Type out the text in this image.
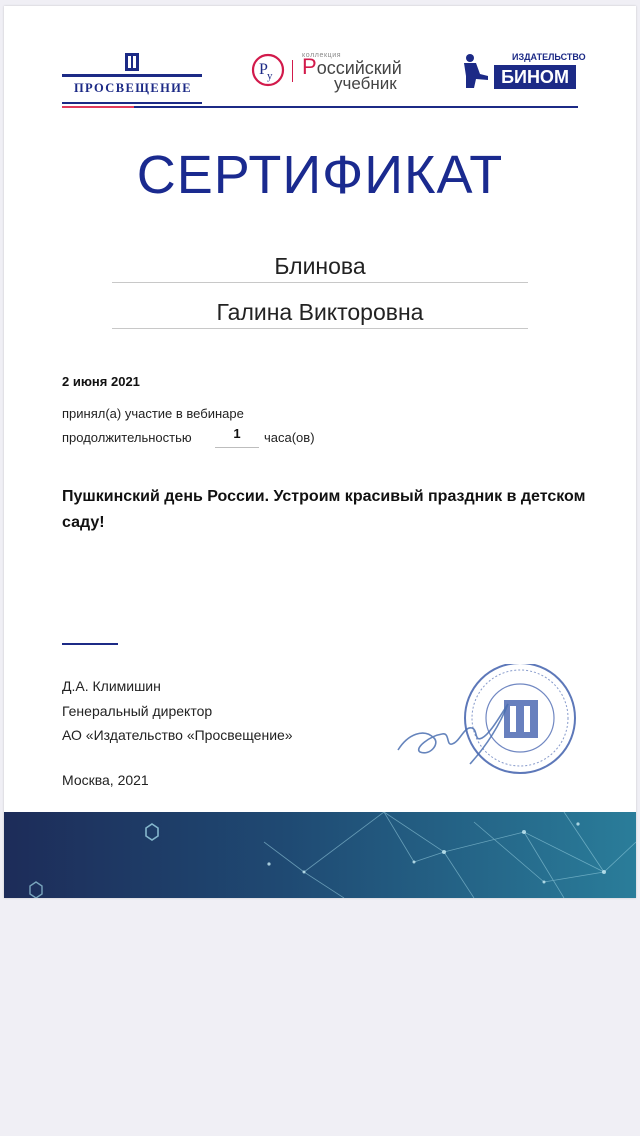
ПРОСВЕЩЕНИЕ
Р у
коллекция
Российский
учебник
ИЗДАТЕЛЬСТВО
БИНОМ
СЕРТИФИКАТ
Блинова
Галина Викторовна
2 июня 2021
принял(а) участие в вебинаре
продолжительностью	1	часа(ов)
Пушкинский день России. Устроим красивый праздник в детском саду!
Д.А. Климишин
Генеральный директор
АО «Издательство «Просвещение»
Москва, 2021
